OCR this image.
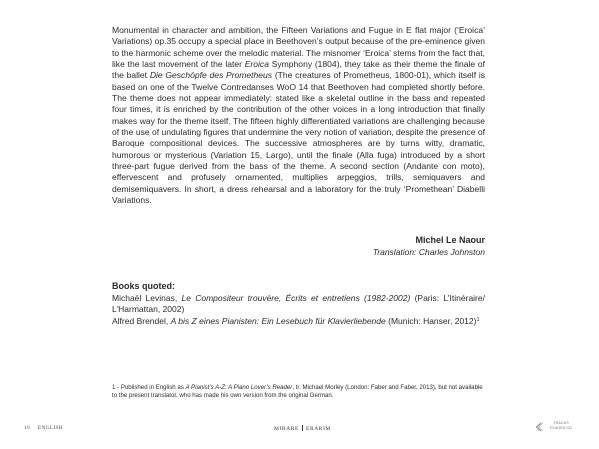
Monumental in character and ambition, the Fifteen Variations and Fugue in E flat major (‘Eroica’ Variations) op.35 occupy a special place in Beethoven’s output because of the pre-eminence given to the harmonic scheme over the melodic material. The misnomer ‘Eroica’ stems from the fact that, like the last movement of the later Eroica Symphony (1804), they take as their theme the finale of the ballet Die Geschöpfe des Prometheus (The creatures of Prometheus, 1800-01), which itself is based on one of the Twelve Contredanses WoO 14 that Beethoven had completed shortly before. The theme does not appear immediately: stated like a skeletal outline in the bass and repeated four times, it is enriched by the contribution of the other voices in a long introduction that finally makes way for the theme itself. The fifteen highly differentiated variations are challenging because of the use of undulating figures that undermine the very notion of variation, despite the presence of Baroque compositional devices. The successive atmospheres are by turns witty, dramatic, humorous or mysterious (Variation 15, Largo), until the finale (Alla fuga) introduced by a short three-part fugue derived from the bass of the theme. A second section (Andante con moto), effervescent and profusely ornamented, multiplies arpeggios, trills, semiquavers and demisemiquavers. In short, a dress rehearsal and a laboratory for the truly ‘Promethean’ Diabelli Variations.

Michel Le Naour
Translation: Charles Johnston
Books quoted:
Michaël Levinas, Le Compositeur trouvère, Écrits et entretiens (1982-2002) (Paris: L’Itinéraire/ L’Harmattan, 2002)
Alfred Brendel, A bis Z eines Pianisten: Ein Lesebuch für Klavierliebende (Munich: Hanser, 2012)$^1$
1 - Published in English as A Pianist’s A-Z: A Piano Lover’s Reader, tr. Michael Morley (London: Faber and Faber, 2013), but not available to the present translator, who has made his own version from the original German.
10 ENGLISH	MIRARE ERARIM
TRACKS
PLAGES CD
